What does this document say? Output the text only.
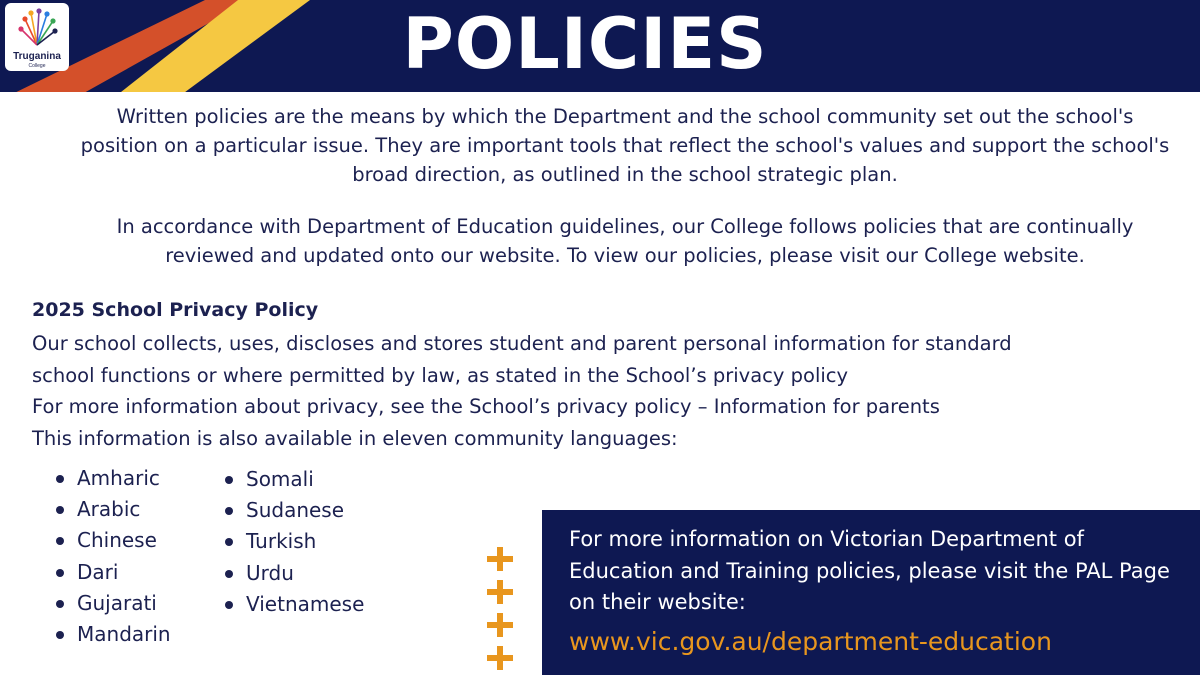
POLICIES
Truganina
College
Written policies are the means by which the Department and the school community set out the school's position on a particular issue. They are important tools that reflect the school's values and support the school's broad direction, as outlined in the school strategic plan.
In accordance with Department of Education guidelines, our College follows policies that are continually reviewed and updated onto our website. To view our policies, please visit our College website.
2025 School Privacy Policy
Our school collects, uses, discloses and stores student and parent personal information for standard
school functions or where permitted by law, as stated in the School’s privacy policy
For more information about privacy, see the School’s privacy policy – Information for parents
This information is also available in eleven community languages:
Amharic
Arabic
Chinese
Dari
Gujarati
Mandarin
Somali
Sudanese
Turkish
Urdu
Vietnamese
For more information on Victorian Department of Education and Training policies, please visit the PAL Page on their website:
www.vic.gov.au/department-education
